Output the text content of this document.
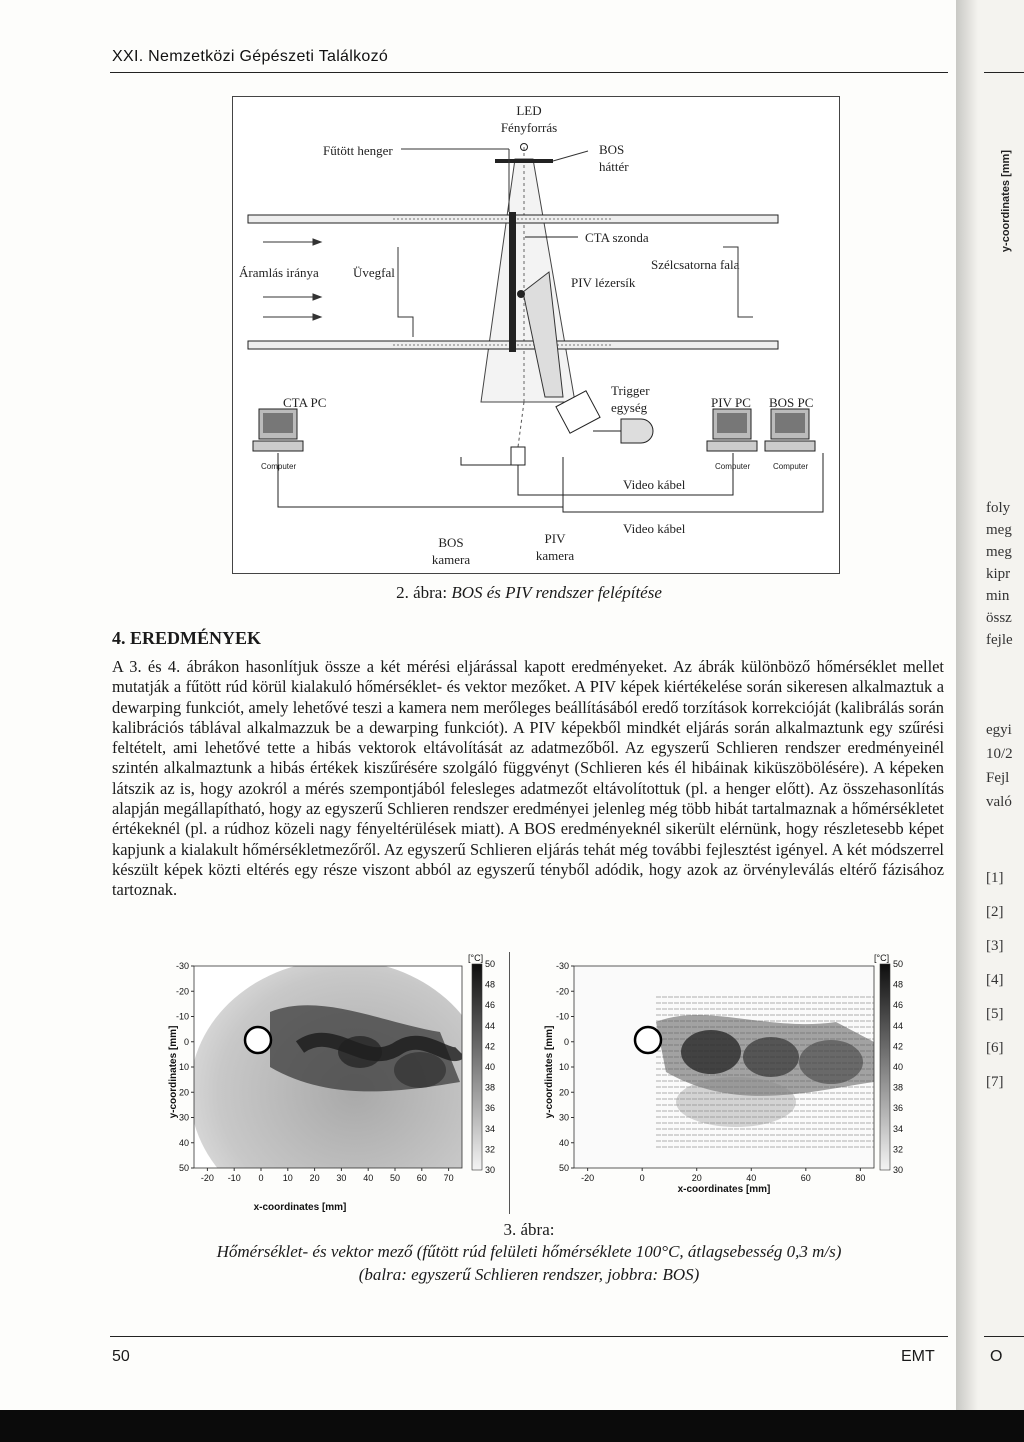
XXI. Nemzetközi Gépészeti Találkozó
LED
Fényforrás
Fűtött henger	BOS
háttér
CTA szonda
Áramlás iránya	Üvegfal
Szélcsatorna fala
PIV lézersík
Trigger
egység
CTA PC	PIV PC BOS PC
Computer	Computer	Computer
Video kábel
Video kábel
BOS
kamera
PIV
kamera
2. ábra: BOS és PIV rendszer felépítése
4. EREDMÉNYEK

A 3. és 4. ábrákon hasonlítjuk össze a két mérési eljárással kapott eredményeket. Az ábrák különböző hőmérséklet mellet mutatják a fűtött rúd körül kialakuló hőmérséklet- és vektor mezőket. A PIV képek kiértékelése során sikeresen alkalmaztuk a dewarping funkciót, amely lehetővé teszi a kamera nem merőleges beállításából eredő torzítások korrekcióját (kalibrálás során kalibrációs táblával alkalmazzuk be a dewarping funkciót). A PIV képekből mindkét eljárás során alkalmaztunk egy szűrési feltételt, ami lehetővé tette a hibás vektorok eltávolítását az adatmezőből. Az egyszerű Schlieren rendszer eredményeinél szintén alkalmaztunk a hibás értékek kiszűrésére szolgáló függvényt (Schlieren kés él hibáinak kiküszöbölésére). A képeken látszik az is, hogy azokról a mérés szempontjából felesleges adatmezőt eltávolítottuk (pl. a henger előtt). Az összehasonlítás alapján megállapítható, hogy az egyszerű Schlieren rendszer eredményei jelenleg még több hibát tartalmaznak a hőmérsékletet értékeknél (pl. a rúdhoz közeli nagy fényeltérülések miatt). A BOS eredményeknél sikerült elérnünk, hogy részletesebb képet kapjunk a kialakult hőmérsékletmezőről. Az egyszerű Schlieren eljárás tehát még további fejlesztést igényel. A két módszerrel készült képek közti eltérés egy része viszont abból az egyszerű tényből adódik, hogy azok az örvényleválás eltérő fázisához tartoznak.

[°C]
-30
-20
-10
0
10
20
30
40
50
-20 -10 0 10 20 30 40 50 60 70
30
32
34
36
38
40
42
44
46
48
50
x-coordinates [mm]
y-coordinates [mm]
[°C]
-30
-20
-10
0
10
20
30
40
50
-20	0	20	40	60	80
30
32
34
36
38
40
42
44
46
48
50
x-coordinates [mm]
y-coordinates [mm]
3. ábra:
Hőmérséklet- és vektor mező (fűtött rúd felületi hőmérséklete 100°C, átlagsebesség 0,3 m/s)
(balra: egyszerű Schlieren rendszer, jobbra: BOS)
50	EMT
foly
meg
meg
kipr
min
össz
fejle
egyi
10/2
Fejl
való
[1]
[2]
[3]
[4]
[5]
[6]
[7]
y-coordinates [mm]
O
